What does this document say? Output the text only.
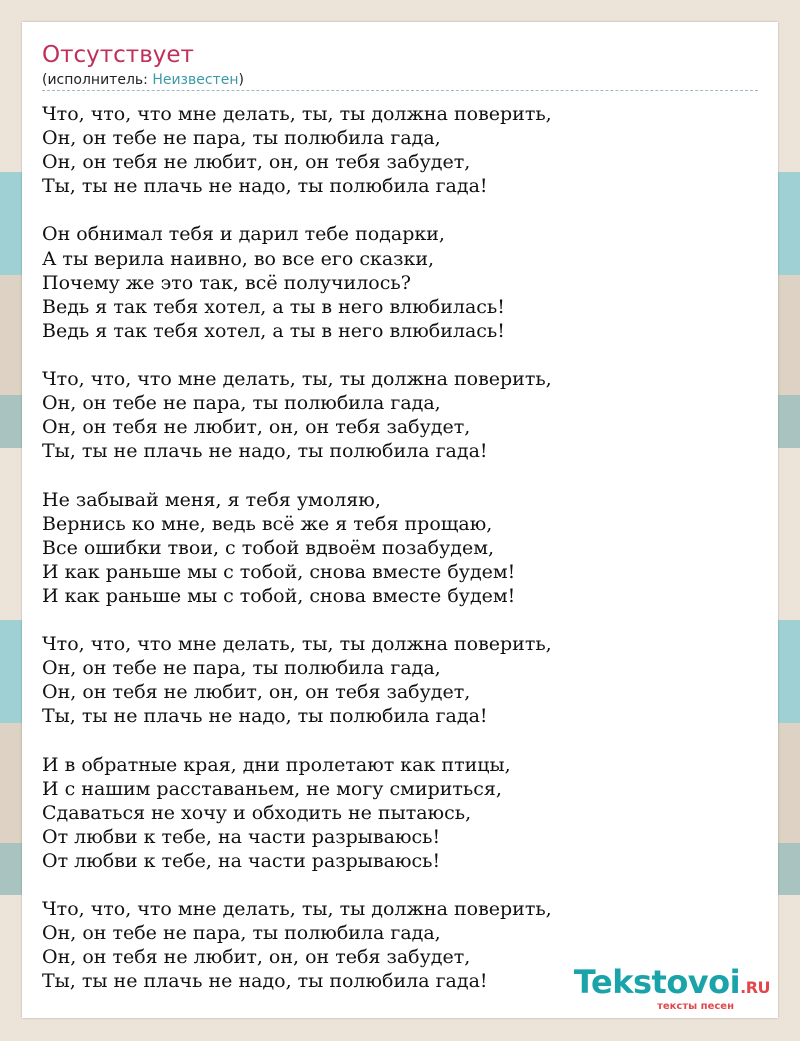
Отсутствует
(исполнитель: Неизвестен)
Что, что, что мне делать, ты, ты должна поверить,
Он, он тебе не пара, ты полюбила гада,
Он, он тебя не любит, он, он тебя забудет,
Ты, ты не плачь не надо, ты полюбила гада!

Он обнимал тебя и дарил тебе подарки,
А ты верила наивно, во все его сказки,
Почему же это так, всё получилось?
Ведь я так тебя хотел, а ты в него влюбилась!
Ведь я так тебя хотел, а ты в него влюбилась!

Что, что, что мне делать, ты, ты должна поверить,
Он, он тебе не пара, ты полюбила гада,
Он, он тебя не любит, он, он тебя забудет,
Ты, ты не плачь не надо, ты полюбила гада!

Не забывай меня, я тебя умоляю,
Вернись ко мне, ведь всё же я тебя прощаю,
Все ошибки твои, с тобой вдвоём позабудем,
И как раньше мы с тобой, снова вместе будем!
И как раньше мы с тобой, снова вместе будем!

Что, что, что мне делать, ты, ты должна поверить,
Он, он тебе не пара, ты полюбила гада,
Он, он тебя не любит, он, он тебя забудет,
Ты, ты не плачь не надо, ты полюбила гада!

И в обратные края, дни пролетают как птицы,
И с нашим расставаньем, не могу смириться,
Сдаваться не хочу и обходить не пытаюсь,
От любви к тебе, на части разрываюсь!
От любви к тебе, на части разрываюсь!

Что, что, что мне делать, ты, ты должна поверить,
Он, он тебе не пара, ты полюбила гада,
Он, он тебя не любит, он, он тебя забудет,
Ты, ты не плачь не надо, ты полюбила гада!	Tekstovoi.RU
тексты песен
